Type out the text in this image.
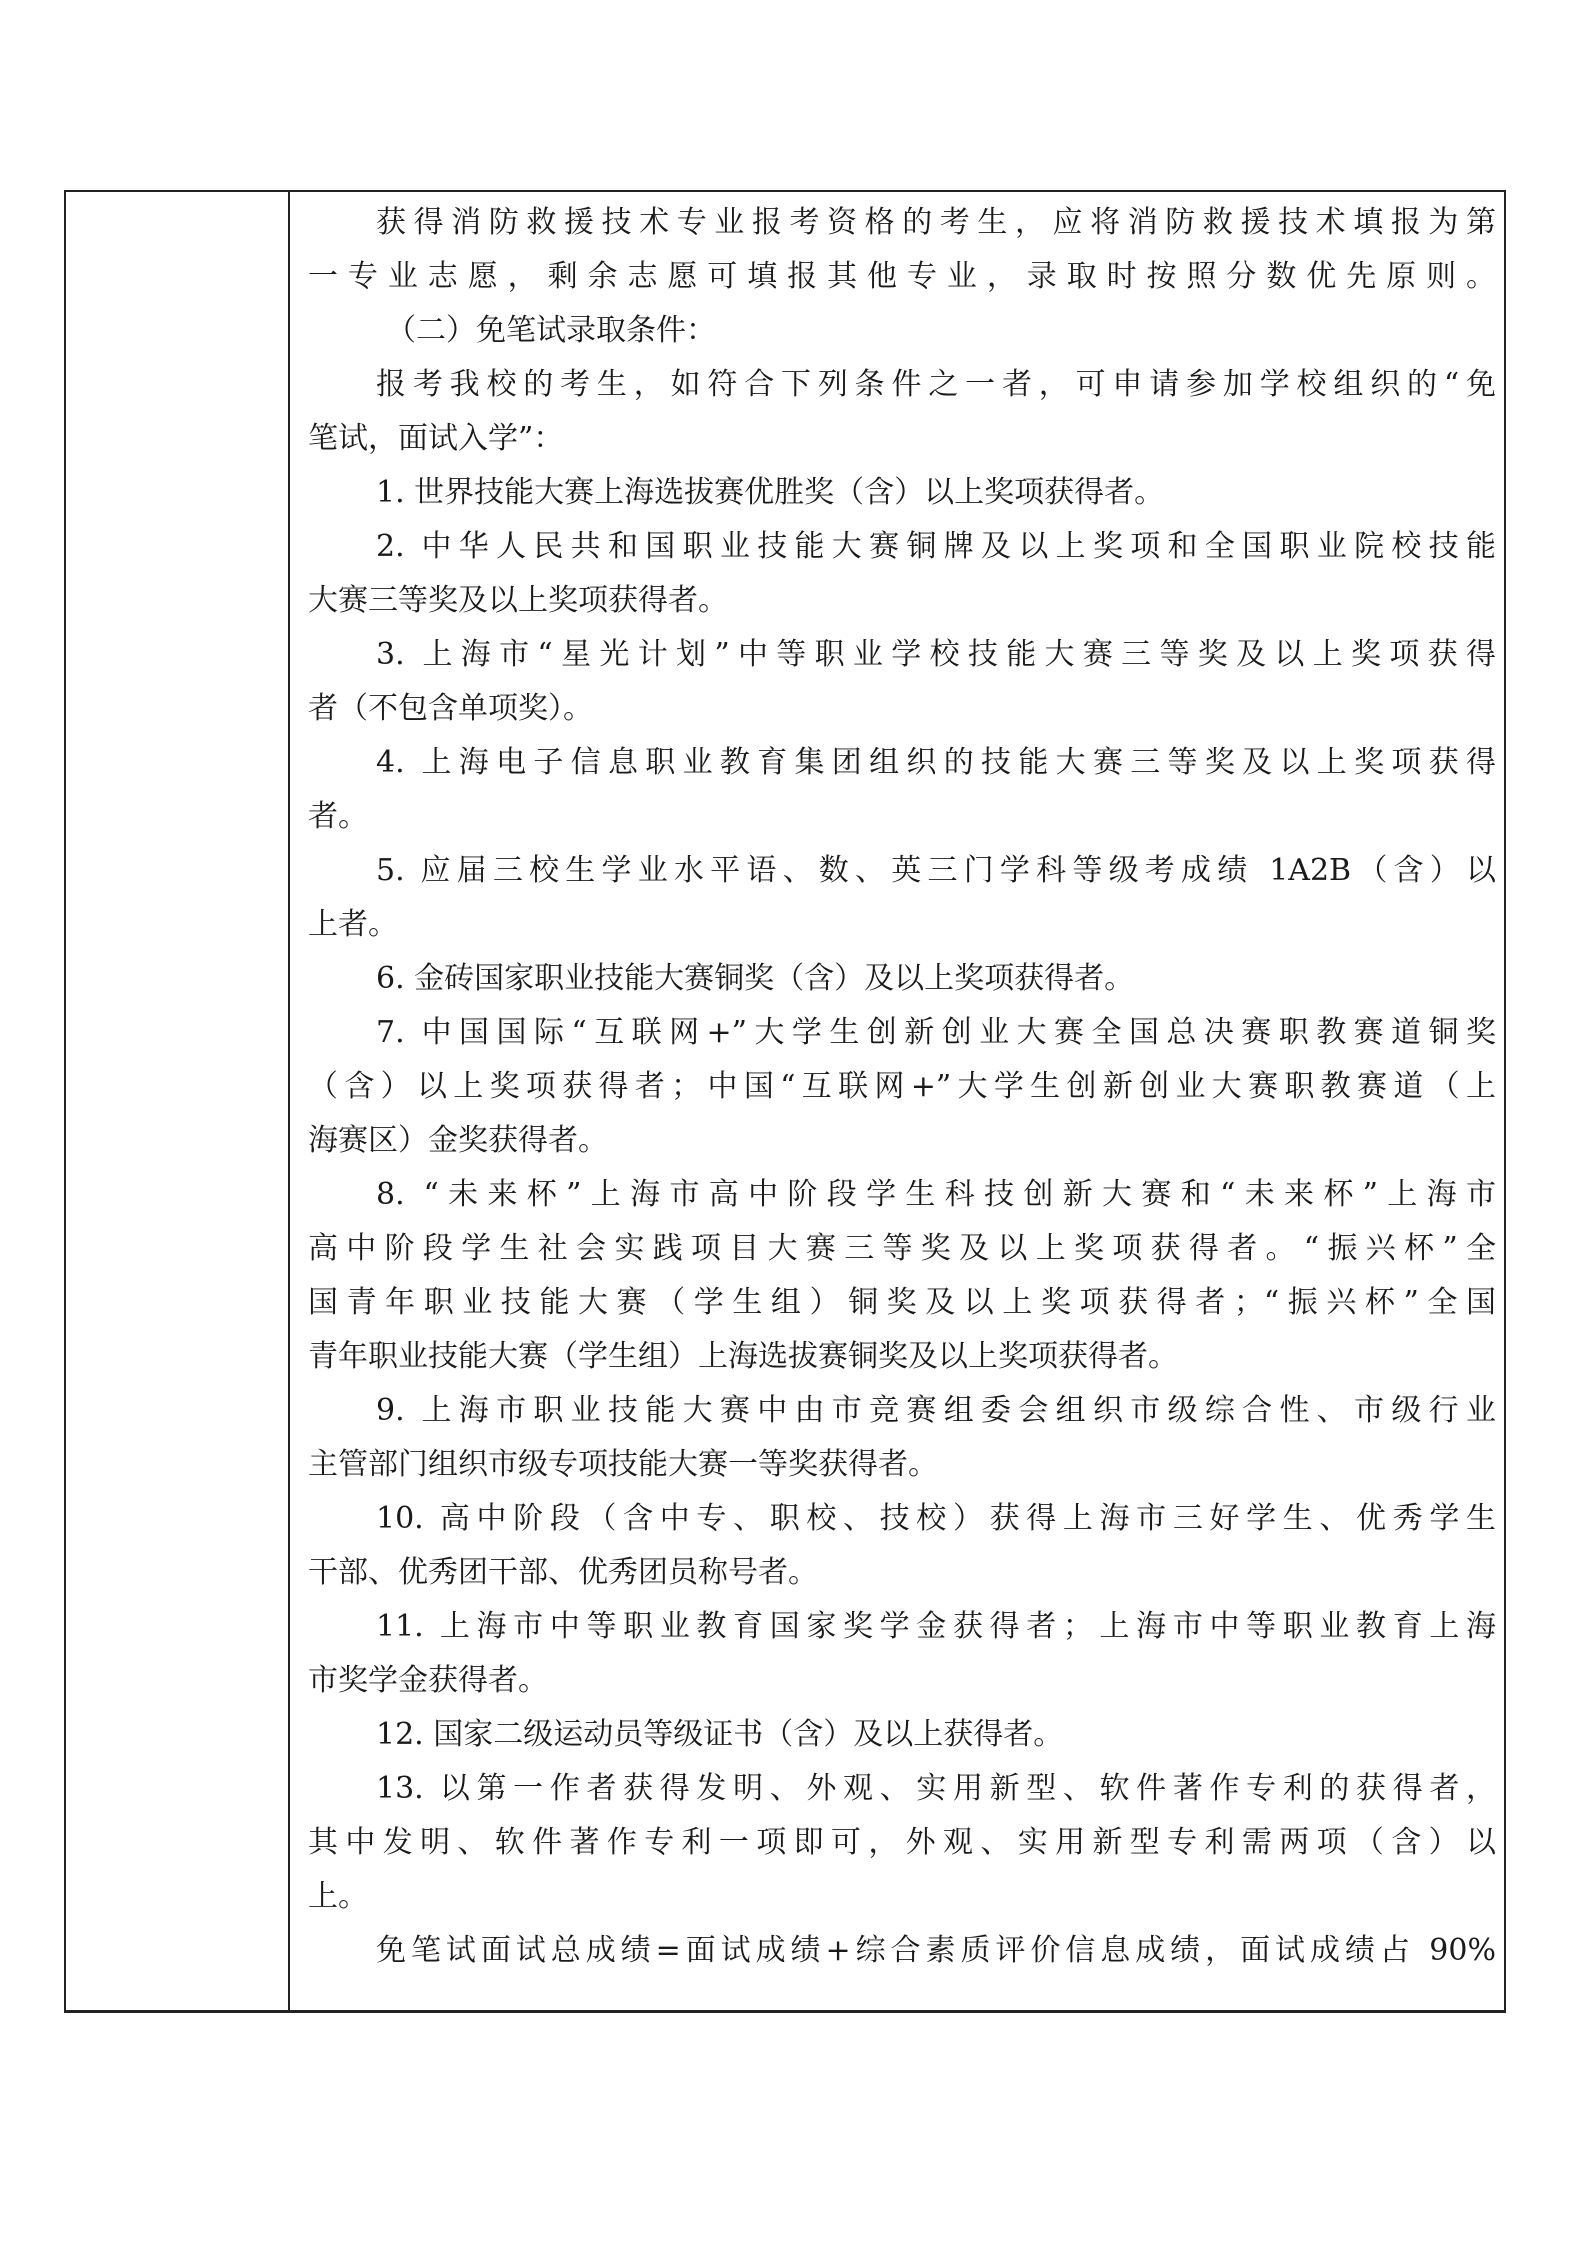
获得消防救援技术专业报考资格的考生，应将消防救援技术填报为第
一专业志愿，剩余志愿可填报其他专业，录取时按照分数优先原则。
（二）免笔试录取条件：
报考我校的考生，如符合下列条件之一者，可申请参加学校组织的“免
笔试，面试入学”：
1. 世界技能大赛上海选拔赛优胜奖（含）以上奖项获得者。
2. 中华人民共和国职业技能大赛铜牌及以上奖项和全国职业院校技能
大赛三等奖及以上奖项获得者。
3. 上海市“星光计划”中等职业学校技能大赛三等奖及以上奖项获得
者（不包含单项奖）。
4. 上海电子信息职业教育集团组织的技能大赛三等奖及以上奖项获得
者。
5. 应届三校生学业水平语、数、英三门学科等级考成绩 1A2B（含）以
上者。
6. 金砖国家职业技能大赛铜奖（含）及以上奖项获得者。
7. 中国国际“互联网+”大学生创新创业大赛全国总决赛职教赛道铜奖
（含）以上奖项获得者；中国“互联网+”大学生创新创业大赛职教赛道（上
海赛区）金奖获得者。
8. “未来杯”上海市高中阶段学生科技创新大赛和“未来杯”上海市
高中阶段学生社会实践项目大赛三等奖及以上奖项获得者。“振兴杯”全
国青年职业技能大赛（学生组）铜奖及以上奖项获得者；“振兴杯”全国
青年职业技能大赛（学生组）上海选拔赛铜奖及以上奖项获得者。
9. 上海市职业技能大赛中由市竞赛组委会组织市级综合性、市级行业
主管部门组织市级专项技能大赛一等奖获得者。
10. 高中阶段（含中专、职校、技校）获得上海市三好学生、优秀学生
干部、优秀团干部、优秀团员称号者。
11. 上海市中等职业教育国家奖学金获得者；上海市中等职业教育上海
市奖学金获得者。
12. 国家二级运动员等级证书（含）及以上获得者。
13. 以第一作者获得发明、外观、实用新型、软件著作专利的获得者，
其中发明、软件著作专利一项即可，外观、实用新型专利需两项（含）以
上。
免笔试面试总成绩=面试成绩+综合素质评价信息成绩，面试成绩占 90%
